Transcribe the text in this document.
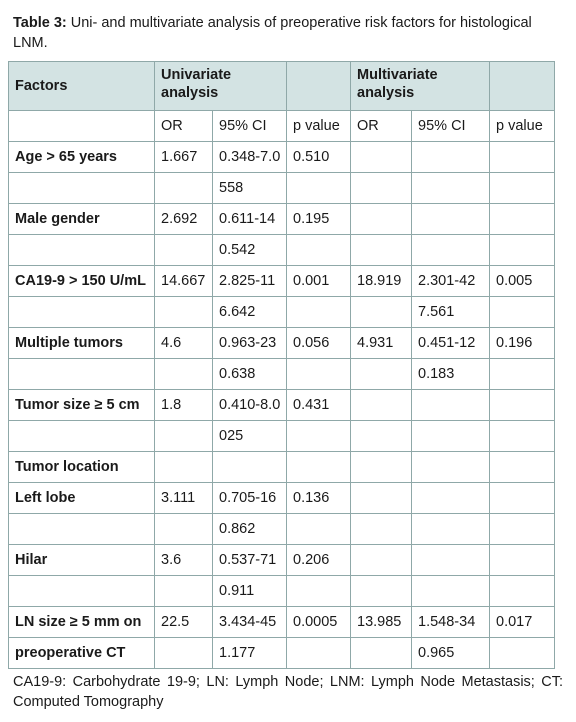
Table 3: Uni- and multivariate analysis of preoperative risk factors for histological LNM.
Factors	Univariate analysis			Multivariate analysis		
	OR	95% CI	p value	OR	95% CI	p value
Age > 65 years	1.667	0.348-7.0	0.510			
		558				
Male gender	2.692	0.611-14	0.195			
		0.542				
CA19-9 > 150 U/mL	14.667	2.825-11	0.001	18.919	2.301-42	0.005
		6.642			7.561	
Multiple tumors	4.6	0.963-23	0.056	4.931	0.451-12	0.196
		0.638			0.183	
Tumor size ≥ 5 cm	1.8	0.410-8.0	0.431			
		025				
Tumor location						
Left lobe	3.111	0.705-16	0.136			
		0.862				
Hilar	3.6	0.537-71	0.206			
		0.911				
LN size ≥ 5 mm on	22.5	3.434-45	0.0005	13.985	1.548-34	0.017
preoperative CT		1.177			0.965	
CA19-9: Carbohydrate 19-9; LN: Lymph Node; LNM: Lymph Node Metastasis; CT: Computed Tomography
